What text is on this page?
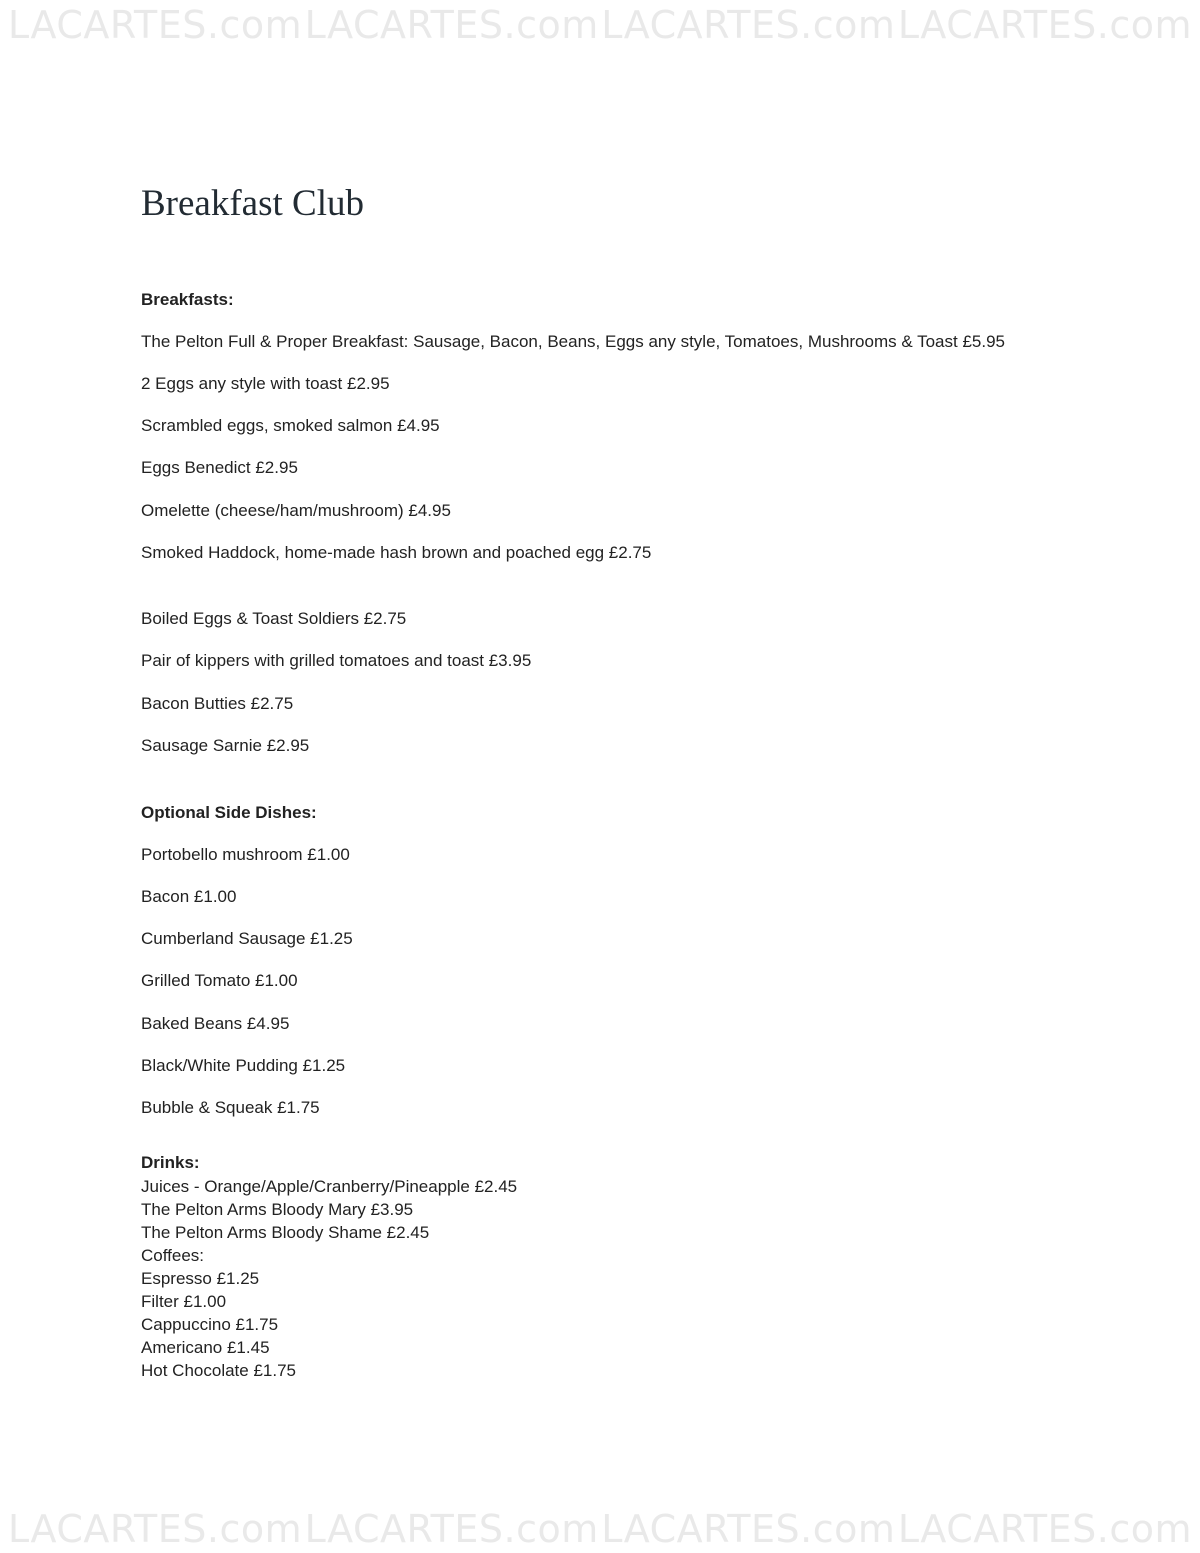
LACARTES.com LACARTES.com LACARTES.com LACARTES.com
Breakfast Club
Breakfasts:
The Pelton Full & Proper Breakfast: Sausage, Bacon, Beans, Eggs any style, Tomatoes, Mushrooms & Toast £5.95
2 Eggs any style with toast £2.95
Scrambled eggs, smoked salmon £4.95
Eggs Benedict £2.95
Omelette (cheese/ham/mushroom) £4.95
Smoked Haddock, home-made hash brown and poached egg £2.75
Boiled Eggs & Toast Soldiers £2.75
Pair of kippers with grilled tomatoes and toast £3.95
Bacon Butties £2.75
Sausage Sarnie £2.95
Optional Side Dishes:
Portobello mushroom £1.00
Bacon £1.00
Cumberland Sausage £1.25
Grilled Tomato £1.00
Baked Beans £4.95
Black/White Pudding £1.25
Bubble & Squeak £1.75
Drinks:
Juices - Orange/Apple/Cranberry/Pineapple £2.45
The Pelton Arms Bloody Mary £3.95
The Pelton Arms Bloody Shame £2.45
Coffees:
Espresso £1.25
Filter £1.00
Cappuccino £1.75
Americano £1.45
Hot Chocolate £1.75
LACARTES.com LACARTES.com LACARTES.com LACARTES.com
